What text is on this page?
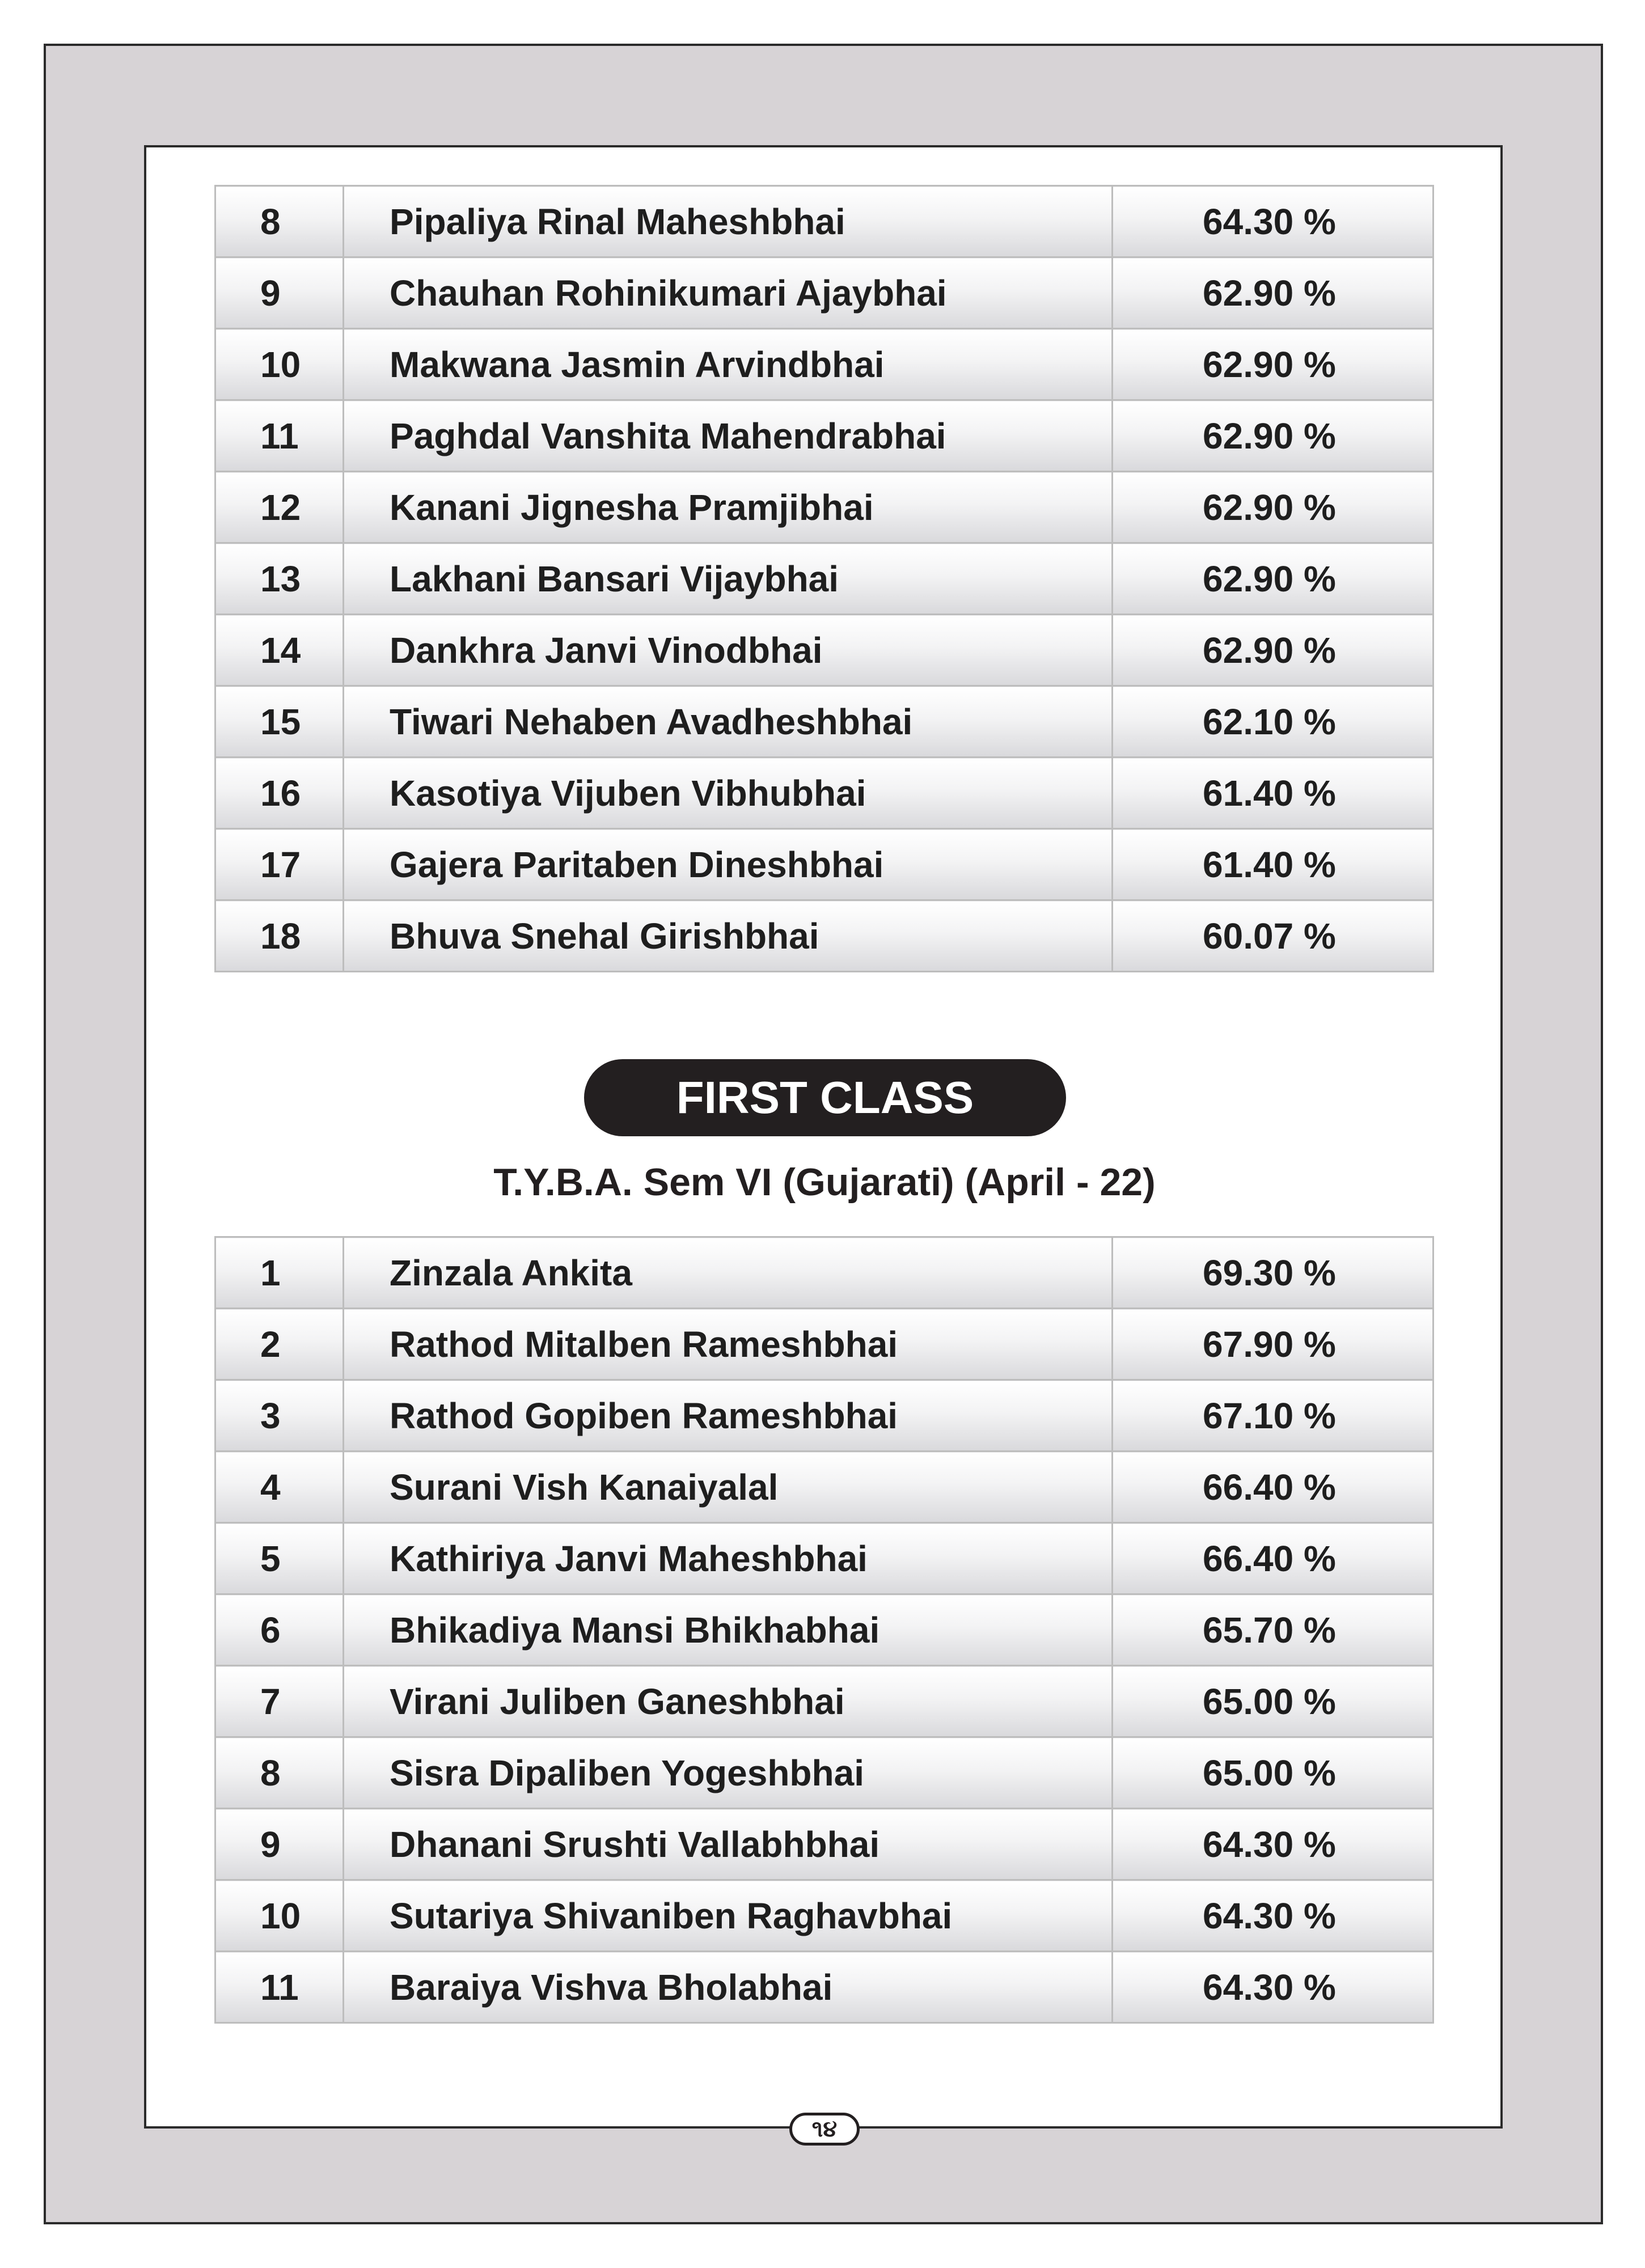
8	Pipaliya Rinal Maheshbhai	64.30 %
9	Chauhan Rohinikumari Ajaybhai	62.90 %
10	Makwana Jasmin Arvindbhai	62.90 %
11	Paghdal Vanshita Mahendrabhai	62.90 %
12	Kanani Jignesha Pramjibhai	62.90 %
13	Lakhani Bansari Vijaybhai	62.90 %
14	Dankhra Janvi Vinodbhai	62.90 %
15	Tiwari Nehaben Avadheshbhai	62.10 %
16	Kasotiya Vijuben Vibhubhai	61.40 %
17	Gajera Paritaben Dineshbhai	61.40 %
18	Bhuva Snehal Girishbhai	60.07 %
FIRST CLASS
T.Y.B.A. Sem VI (Gujarati) (April - 22)
1	Zinzala Ankita	69.30 %
2	Rathod Mitalben Rameshbhai	67.90 %
3	Rathod Gopiben Rameshbhai	67.10 %
4	Surani Vish Kanaiyalal	66.40 %
5	Kathiriya Janvi Maheshbhai	66.40 %
6	Bhikadiya Mansi Bhikhabhai	65.70 %
7	Virani Juliben Ganeshbhai	65.00 %
8	Sisra Dipaliben Yogeshbhai	65.00 %
9	Dhanani Srushti Vallabhbhai	64.30 %
10	Sutariya Shivaniben Raghavbhai	64.30 %
11	Baraiya Vishva Bholabhai	64.30 %
૧૪
